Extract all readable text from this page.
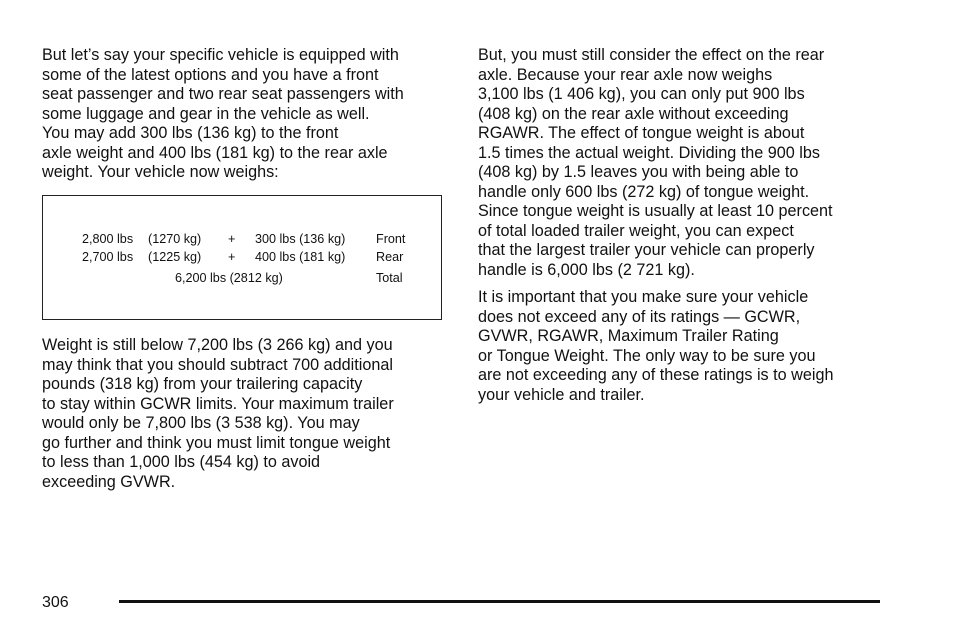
But let’s say your specific vehicle is equipped with
some of the latest options and you have a front
seat passenger and two rear seat passengers with
some luggage and gear in the vehicle as well.
You may add 300 lbs (136 kg) to the front
axle weight and 400 lbs (181 kg) to the rear axle
weight. Your vehicle now weighs:

2,800 lbs (1270 kg) + 300 lbs (136 kg) Front
2,700 lbs (1225 kg) + 400 lbs (181 kg) Rear
6,200 lbs (2812 kg)	Total

Weight is still below 7,200 lbs (3 266 kg) and you
may think that you should subtract 700 additional
pounds (318 kg) from your trailering capacity
to stay within GCWR limits. Your maximum trailer
would only be 7,800 lbs (3 538 kg). You may
go further and think you must limit tongue weight
to less than 1,000 lbs (454 kg) to avoid
exceeding GVWR.

But, you must still consider the effect on the rear
axle. Because your rear axle now weighs
3,100 lbs (1 406 kg), you can only put 900 lbs
(408 kg) on the rear axle without exceeding
RGAWR. The effect of tongue weight is about
1.5 times the actual weight. Dividing the 900 lbs
(408 kg) by 1.5 leaves you with being able to
handle only 600 lbs (272 kg) of tongue weight.
Since tongue weight is usually at least 10 percent
of total loaded trailer weight, you can expect
that the largest trailer your vehicle can properly
handle is 6,000 lbs (2 721 kg).

It is important that you make sure your vehicle
does not exceed any of its ratings — GCWR,
GVWR, RGAWR, Maximum Trailer Rating
or Tongue Weight. The only way to be sure you
are not exceeding any of these ratings is to weigh
your vehicle and trailer.

306
